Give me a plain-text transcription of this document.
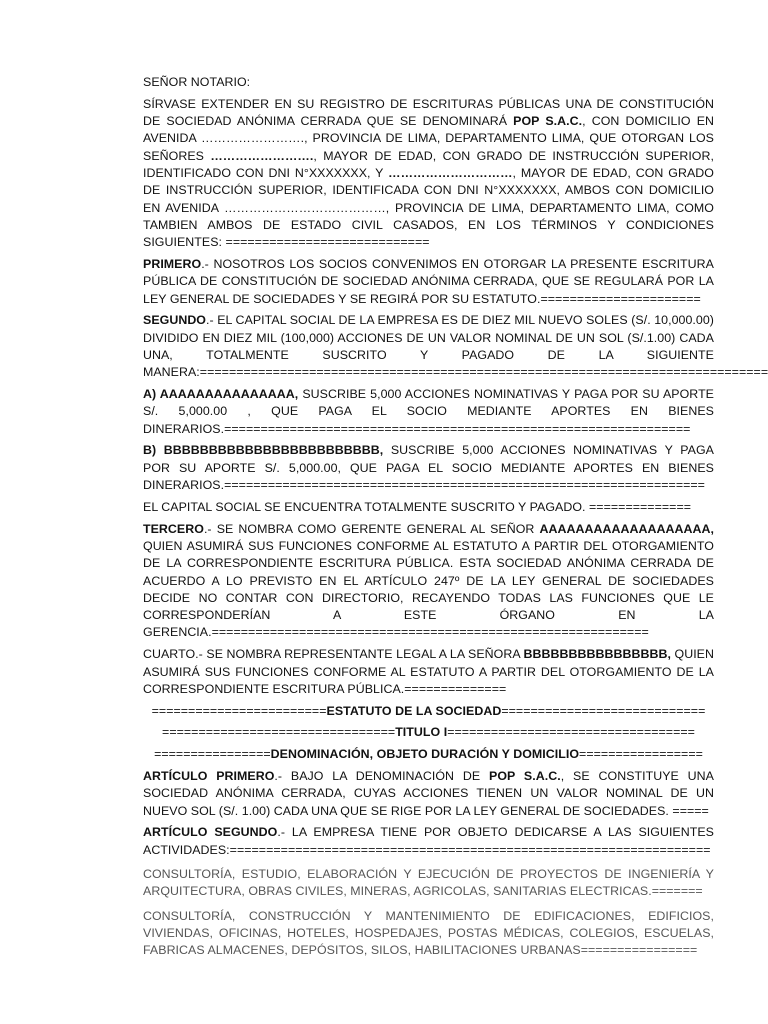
SEÑOR NOTARIO:

SÍRVASE EXTENDER EN SU REGISTRO DE ESCRITURAS PÚBLICAS UNA DE CONSTITUCIÓN DE SOCIEDAD ANÓNIMA CERRADA QUE SE DENOMINARÁ POP S.A.C., CON DOMICILIO EN AVENIDA ……………………., PROVINCIA DE LIMA, DEPARTAMENTO LIMA, QUE OTORGAN LOS SEÑORES ……………………., MAYOR DE EDAD, CON GRADO DE INSTRUCCIÓN SUPERIOR, IDENTIFICADO CON DNI N°XXXXXXX, Y …………………………, MAYOR DE EDAD, CON GRADO DE INSTRUCCIÓN SUPERIOR, IDENTIFICADA CON DNI N°XXXXXXX, AMBOS CON DOMICILIO EN AVENIDA …………………………………, PROVINCIA DE LIMA, DEPARTAMENTO LIMA, COMO TAMBIEN AMBOS DE ESTADO CIVIL CASADOS, EN LOS TÉRMINOS Y CONDICIONES SIGUIENTES: ============================

PRIMERO.- NOSOTROS LOS SOCIOS CONVENIMOS EN OTORGAR LA PRESENTE ESCRITURA PÚBLICA DE CONSTITUCIÓN DE SOCIEDAD ANÓNIMA CERRADA, QUE SE REGULARÁ POR LA LEY GENERAL DE SOCIEDADES Y SE REGIRÁ POR SU ESTATUTO.======================

SEGUNDO.- EL CAPITAL SOCIAL DE LA EMPRESA ES DE DIEZ MIL NUEVO SOLES (S/. 10,000.00) DIVIDIDO EN DIEZ MIL (100,000) ACCIONES DE UN VALOR NOMINAL DE UN SOL (S/.1.00) CADA UNA, TOTALMENTE SUSCRITO Y PAGADO DE LA SIGUIENTE MANERA:==============================================================================

A) AAAAAAAAAAAAAAA, SUSCRIBE 5,000 ACCIONES NOMINATIVAS Y PAGA POR SU APORTE S/. 5,000.00 , QUE PAGA EL SOCIO MEDIANTE APORTES EN BIENES DINERARIOS.================================================================

B) BBBBBBBBBBBBBBBBBBBBBBBB, SUSCRIBE 5,000 ACCIONES NOMINATIVAS Y PAGA POR SU APORTE S/. 5,000.00, QUE PAGA EL SOCIO MEDIANTE APORTES EN BIENES DINERARIOS.==================================================================

EL CAPITAL SOCIAL SE ENCUENTRA TOTALMENTE SUSCRITO Y PAGADO. ==============

TERCERO.- SE NOMBRA COMO GERENTE GENERAL AL SEÑOR AAAAAAAAAAAAAAAAAAA, QUIEN ASUMIRÁ SUS FUNCIONES CONFORME AL ESTATUTO A PARTIR DEL OTORGAMIENTO DE LA CORRESPONDIENTE ESCRITURA PÚBLICA. ESTA SOCIEDAD ANÓNIMA CERRADA DE ACUERDO A LO PREVISTO EN EL ARTÍCULO 247º DE LA LEY GENERAL DE SOCIEDADES DECIDE NO CONTAR CON DIRECTORIO, RECAYENDO TODAS LAS FUNCIONES QUE LE CORRESPONDERÍAN A ESTE ÓRGANO EN LA GERENCIA.============================================================

CUARTO.- SE NOMBRA REPRESENTANTE LEGAL A LA SEÑORA BBBBBBBBBBBBBBBB, QUIEN ASUMIRÁ SUS FUNCIONES CONFORME AL ESTATUTO A PARTIR DEL OTORGAMIENTO DE LA CORRESPONDIENTE ESCRITURA PÚBLICA.==============

========================ESTATUTO DE LA SOCIEDAD============================

================================TITULO I==================================

================DENOMINACIÓN, OBJETO DURACIÓN Y DOMICILIO=================

ARTÍCULO PRIMERO.- BAJO LA DENOMINACIÓN DE POP S.A.C., SE CONSTITUYE UNA SOCIEDAD ANÓNIMA CERRADA, CUYAS ACCIONES TIENEN UN VALOR NOMINAL DE UN NUEVO SOL (S/. 1.00) CADA UNA QUE SE RIGE POR LA LEY GENERAL DE SOCIEDADES. =====

ARTÍCULO SEGUNDO.- LA EMPRESA TIENE POR OBJETO DEDICARSE A LAS SIGUIENTES ACTIVIDADES:==================================================================

CONSULTORÍA, ESTUDIO, ELABORACIÓN Y EJECUCIÓN DE PROYECTOS DE INGENIERÍA Y ARQUITECTURA, OBRAS CIVILES, MINERAS, AGRICOLAS, SANITARIAS ELECTRICAS.=======

CONSULTORÍA, CONSTRUCCIÓN Y MANTENIMIENTO DE EDIFICACIONES, EDIFICIOS, VIVIENDAS, OFICINAS, HOTELES, HOSPEDAJES, POSTAS MÉDICAS, COLEGIOS, ESCUELAS, FABRICAS ALMACENES, DEPÓSITOS, SILOS, HABILITACIONES URBANAS================
